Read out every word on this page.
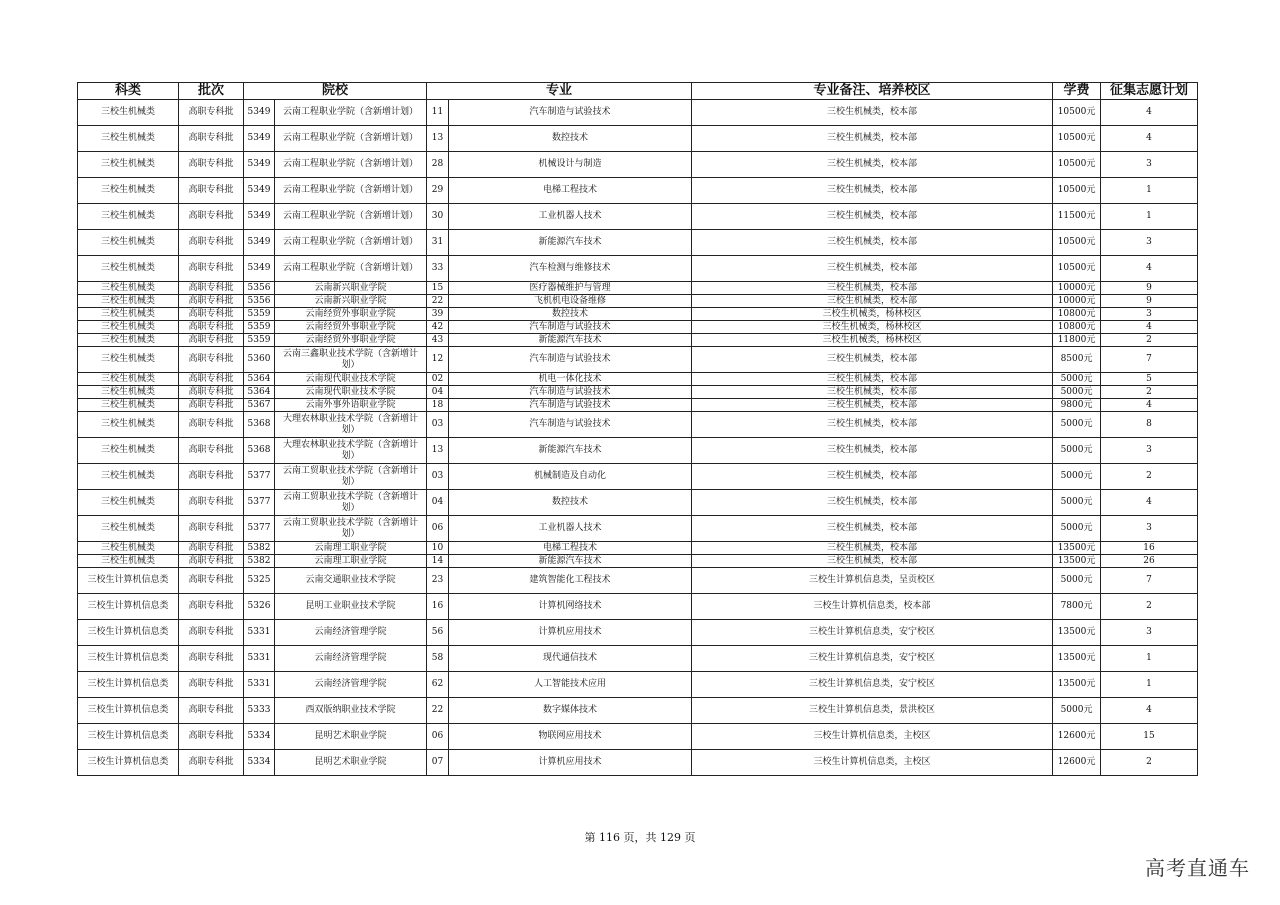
科类	批次	院校		专业		专业备注、培养校区	学费	征集志愿计划
三校生机械类	高职专科批	5349	云南工程职业学院（含新增计划）	11	汽车制造与试验技术	三校生机械类，校本部	10500元	4
三校生机械类	高职专科批	5349	云南工程职业学院（含新增计划）	13	数控技术	三校生机械类，校本部	10500元	4
三校生机械类	高职专科批	5349	云南工程职业学院（含新增计划）	28	机械设计与制造	三校生机械类，校本部	10500元	3
三校生机械类	高职专科批	5349	云南工程职业学院（含新增计划）	29	电梯工程技术	三校生机械类，校本部	10500元	1
三校生机械类	高职专科批	5349	云南工程职业学院（含新增计划）	30	工业机器人技术	三校生机械类，校本部	11500元	1
三校生机械类	高职专科批	5349	云南工程职业学院（含新增计划）	31	新能源汽车技术	三校生机械类，校本部	10500元	3
三校生机械类	高职专科批	5349	云南工程职业学院（含新增计划）	33	汽车检测与维修技术	三校生机械类，校本部	10500元	4
三校生机械类	高职专科批	5356	云南新兴职业学院	15	医疗器械维护与管理	三校生机械类，校本部	10000元	9
三校生机械类	高职专科批	5356	云南新兴职业学院	22	飞机机电设备维修	三校生机械类，校本部	10000元	9
三校生机械类	高职专科批	5359	云南经贸外事职业学院	39	数控技术	三校生机械类，杨林校区	10800元	3
三校生机械类	高职专科批	5359	云南经贸外事职业学院	42	汽车制造与试验技术	三校生机械类，杨林校区	10800元	4
三校生机械类	高职专科批	5359	云南经贸外事职业学院	43	新能源汽车技术	三校生机械类，杨林校区	11800元	2
三校生机械类	高职专科批	5360	云南三鑫职业技术学院（含新增计划）	12	汽车制造与试验技术	三校生机械类，校本部	8500元	7
三校生机械类	高职专科批	5364	云南现代职业技术学院	02	机电一体化技术	三校生机械类，校本部	5000元	5
三校生机械类	高职专科批	5364	云南现代职业技术学院	04	汽车制造与试验技术	三校生机械类，校本部	5000元	2
三校生机械类	高职专科批	5367	云南外事外语职业学院	18	汽车制造与试验技术	三校生机械类，校本部	9800元	4
三校生机械类	高职专科批	5368	大理农林职业技术学院（含新增计划）	03	汽车制造与试验技术	三校生机械类，校本部	5000元	8
三校生机械类	高职专科批	5368	大理农林职业技术学院（含新增计划）	13	新能源汽车技术	三校生机械类，校本部	5000元	3
三校生机械类	高职专科批	5377	云南工贸职业技术学院（含新增计划）	03	机械制造及自动化	三校生机械类，校本部	5000元	2
三校生机械类	高职专科批	5377	云南工贸职业技术学院（含新增计划）	04	数控技术	三校生机械类，校本部	5000元	4
三校生机械类	高职专科批	5377	云南工贸职业技术学院（含新增计划）	06	工业机器人技术	三校生机械类，校本部	5000元	3
三校生机械类	高职专科批	5382	云南理工职业学院	10	电梯工程技术	三校生机械类，校本部	13500元	16
三校生机械类	高职专科批	5382	云南理工职业学院	14	新能源汽车技术	三校生机械类，校本部	13500元	26
三校生计算机信息类	高职专科批	5325	云南交通职业技术学院	23	建筑智能化工程技术	三校生计算机信息类，呈贡校区	5000元	7
三校生计算机信息类	高职专科批	5326	昆明工业职业技术学院	16	计算机网络技术	三校生计算机信息类，校本部	7800元	2
三校生计算机信息类	高职专科批	5331	云南经济管理学院	56	计算机应用技术	三校生计算机信息类，安宁校区	13500元	3
三校生计算机信息类	高职专科批	5331	云南经济管理学院	58	现代通信技术	三校生计算机信息类，安宁校区	13500元	1
三校生计算机信息类	高职专科批	5331	云南经济管理学院	62	人工智能技术应用	三校生计算机信息类，安宁校区	13500元	1
三校生计算机信息类	高职专科批	5333	西双版纳职业技术学院	22	数字媒体技术	三校生计算机信息类，景洪校区	5000元	4
三校生计算机信息类	高职专科批	5334	昆明艺术职业学院	06	物联网应用技术	三校生计算机信息类，主校区	12600元	15
三校生计算机信息类	高职专科批	5334	昆明艺术职业学院	07	计算机应用技术	三校生计算机信息类，主校区	12600元	2
第 116 页，共 129 页
高考直通车
